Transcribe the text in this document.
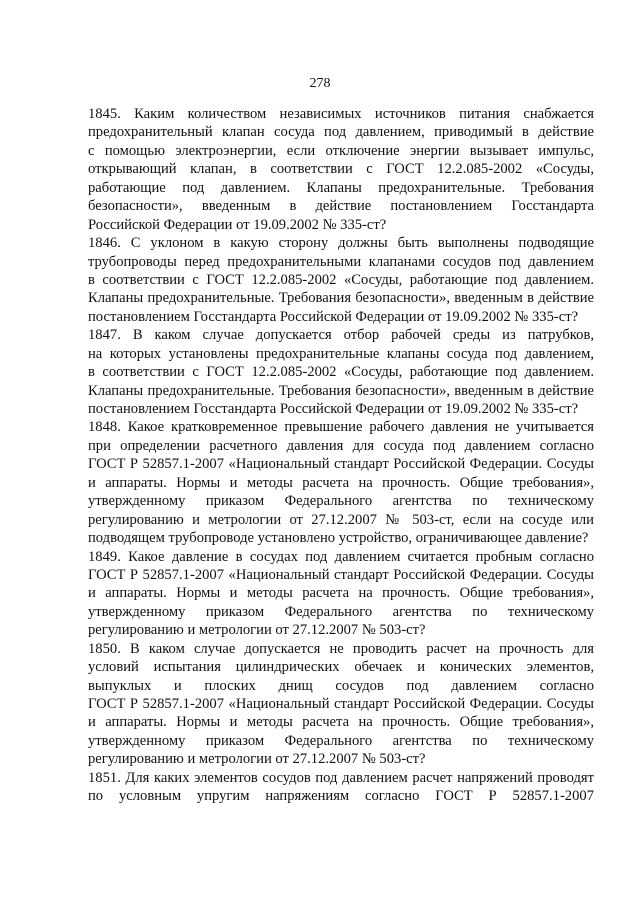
278
1845. Каким количеством независимых источников питания снабжается
предохранительный клапан сосуда под давлением, приводимый в действие
с помощью электроэнергии, если отключение энергии вызывает импульс,
открывающий клапан, в соответствии с ГОСТ 12.2.085-2002 «Сосуды,
работающие под давлением. Клапаны предохранительные. Требования
безопасности», введенным в действие постановлением Госстандарта
Российской Федерации от 19.09.2002 № 335-ст?
1846. С уклоном в какую сторону должны быть выполнены подводящие
трубопроводы перед предохранительными клапанами сосудов под давлением
в соответствии с ГОСТ 12.2.085-2002 «Сосуды, работающие под давлением.
Клапаны предохранительные. Требования безопасности», введенным в действие
постановлением Госстандарта Российской Федерации от 19.09.2002 № 335-ст?
1847. В каком случае допускается отбор рабочей среды из патрубков,
на которых установлены предохранительные клапаны сосуда под давлением,
в соответствии с ГОСТ 12.2.085-2002 «Сосуды, работающие под давлением.
Клапаны предохранительные. Требования безопасности», введенным в действие
постановлением Госстандарта Российской Федерации от 19.09.2002 № 335-ст?
1848. Какое кратковременное превышение рабочего давления не учитывается
при определении расчетного давления для сосуда под давлением согласно
ГОСТ Р 52857.1-2007 «Национальный стандарт Российской Федерации. Сосуды
и аппараты. Нормы и методы расчета на прочность. Общие требования»,
утвержденному приказом Федерального агентства по техническому
регулированию и метрологии от 27.12.2007 № 503-ст, если на сосуде или
подводящем трубопроводе установлено устройство, ограничивающее давление?
1849. Какое давление в сосудах под давлением считается пробным согласно
ГОСТ Р 52857.1-2007 «Национальный стандарт Российской Федерации. Сосуды
и аппараты. Нормы и методы расчета на прочность. Общие требования»,
утвержденному приказом Федерального агентства по техническому
регулированию и метрологии от 27.12.2007 № 503-ст?
1850. В каком случае допускается не проводить расчет на прочность для
условий испытания цилиндрических обечаек и конических элементов,
выпуклых и плоских днищ сосудов под давлением согласно
ГОСТ Р 52857.1-2007 «Национальный стандарт Российской Федерации. Сосуды
и аппараты. Нормы и методы расчета на прочность. Общие требования»,
утвержденному приказом Федерального агентства по техническому
регулированию и метрологии от 27.12.2007 № 503-ст?
1851. Для каких элементов сосудов под давлением расчет напряжений проводят
по условным упругим напряжениям согласно ГОСТ Р 52857.1-2007
